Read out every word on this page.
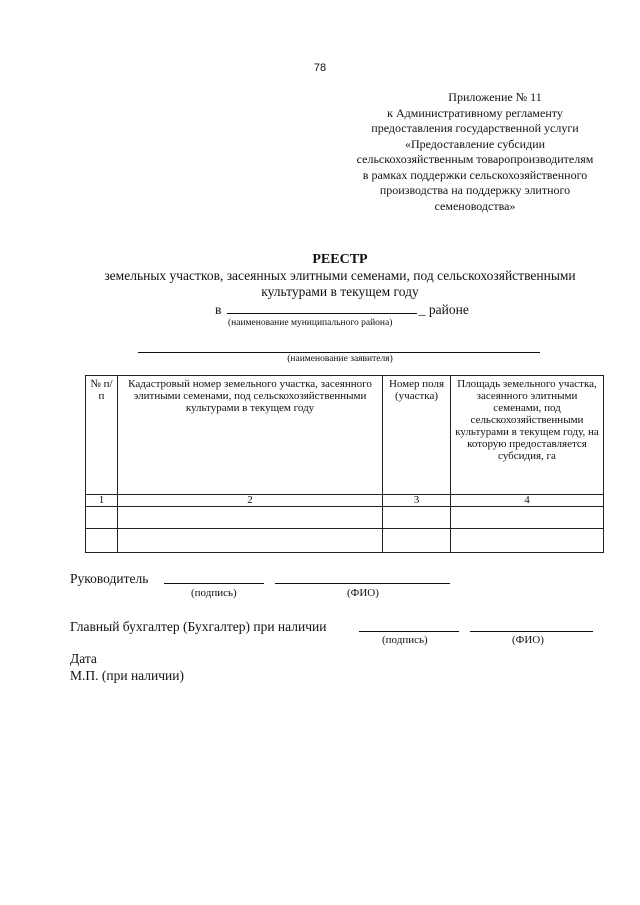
78
Приложение № 11
к Административному регламенту
предоставления государственной услуги
«Предоставление субсидии
сельскохозяйственным товаропроизводителям
в рамках поддержки сельскохозяйственного
производства на поддержку элитного
семеноводства»
РЕЕСТР
земельных участков, засеянных элитными семенами, под сельскохозяйственными
культурами в текущем году
в	_ районе
(наименование муниципального района)
(наименование заявителя)
№ п/п	Кадастровый номер земельного участка, засеянного элитными семенами, под сельскохозяйственными культурами в текущем году	Номер поля (участка)	Площадь земельного участка, засеянного элитными семенами, под сельскохозяйственными культурами в текущем году, на которую предоставляется субсидия, га
1	2	3	4

Руководитель
(подпись)	(ФИО)
Главный бухгалтер (Бухгалтер) при наличии
(подпись)	(ФИО)
Дата
М.П. (при наличии)
